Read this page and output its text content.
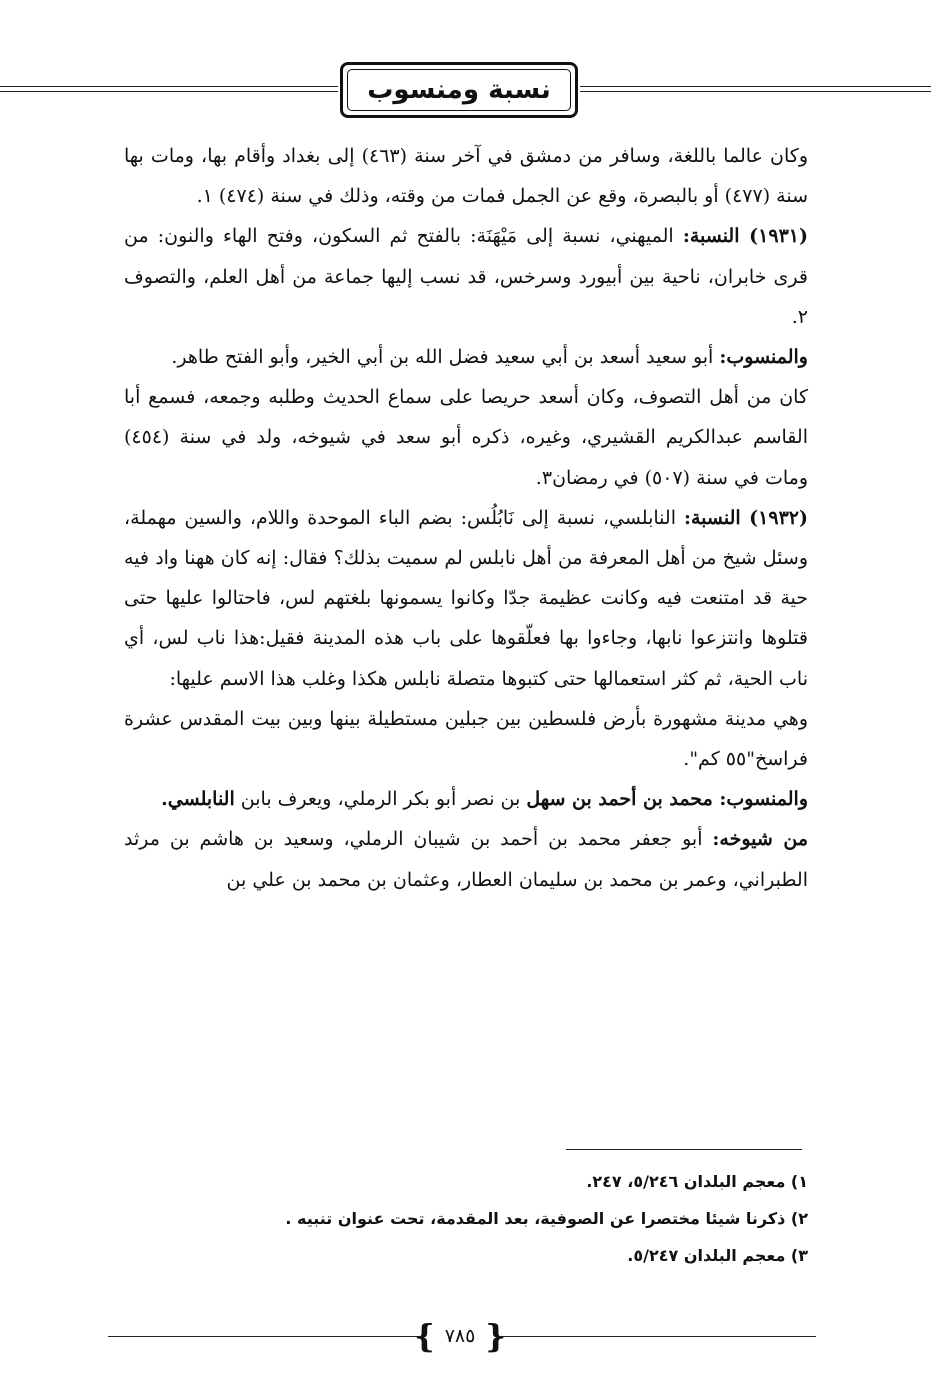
نسبة ومنسوب

وكان عالما باللغة، وسافر من دمشق في آخر سنة (٤٦٣) إلى بغداد وأقام بها، ومات بها سنة (٤٧٧) أو بالبصرة، وقع عن الجمل فمات من وقته، وذلك في سنة (٤٧٤) ١.

(١٩٣١) النسبة: الميهني، نسبة إلى مَيْهَنَة: بالفتح ثم السكون، وفتح الهاء والنون: من قرى خابران، ناحية بين أبيورد وسرخس، قد نسب إليها جماعة من أهل العلم، والتصوف ٢.

والمنسوب: أبو سعيد أسعد بن أبي سعيد فضل الله بن أبي الخير، وأبو الفتح طاهر.

كان من أهل التصوف، وكان أسعد حريصا على سماع الحديث وطلبه وجمعه، فسمع أبا القاسم عبدالكريم القشيري، وغيره، ذكره أبو سعد في شيوخه، ولد في سنة (٤٥٤) ومات في سنة (٥٠٧) في رمضان٣.

(١٩٣٢) النسبة: النابلسي، نسبة إلى نَابُلُس: بضم الباء الموحدة واللام، والسين مهملة، وسئل شيخ من أهل المعرفة من أهل نابلس لم سميت بذلك؟ فقال: إنه كان ههنا واد فيه حية قد امتنعت فيه وكانت عظيمة جدّا وكانوا يسمونها بلغتهم لس، فاحتالوا عليها حتى قتلوها وانتزعوا نابها، وجاءوا بها فعلّقوها على باب هذه المدينة فقيل:هذا ناب لس، أي ناب الحية، ثم كثر استعمالها حتى كتبوها متصلة نابلس هكذا وغلب هذا الاسم عليها:

وهي مدينة مشهورة بأرض فلسطين بين جبلين مستطيلة بينها وبين بيت المقدس عشرة فراسخ"٥٥ كم".

والمنسوب: محمد بن أحمد بن سهل بن نصر أبو بكر الرملي، ويعرف بابن النابلسي.

من شيوخه: أبو جعفر محمد بن أحمد بن شيبان الرملي، وسعيد بن هاشم بن مرثد الطبراني، وعمر بن محمد بن سليمان العطار، وعثمان بن محمد بن علي بن

١) معجم البلدان ٥/٢٤٦، ٢٤٧.

٢) ذكرنا شيئا مختصرا عن الصوفية، بعد المقدمة، تحت عنوان تنبيه .

٣) معجم البلدان ٥/٢٤٧.

{ ٧٨٥ }
